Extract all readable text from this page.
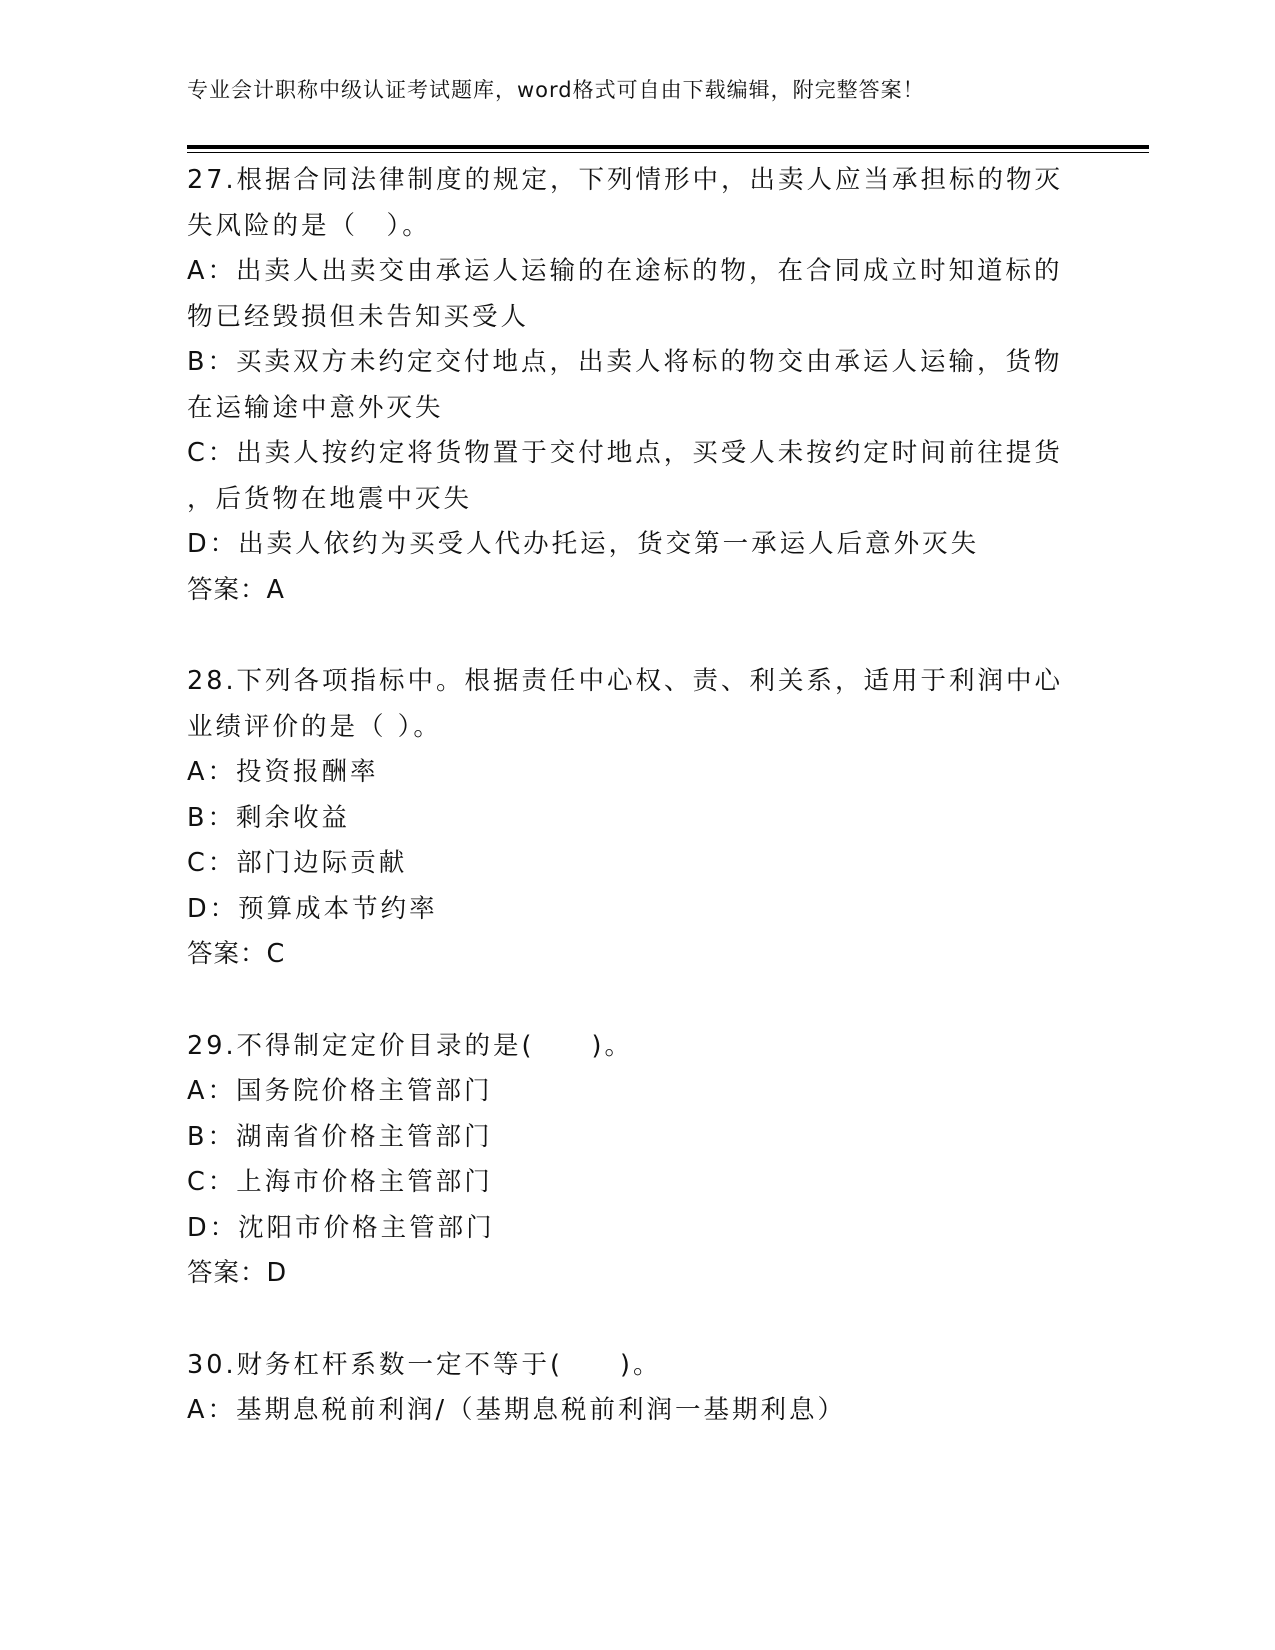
专业会计职称中级认证考试题库，word格式可自由下载编辑，附完整答案！
27.根据合同法律制度的规定，下列情形中，出卖人应当承担标的物灭
失风险的是（　）。
A：出卖人出卖交由承运人运输的在途标的物，在合同成立时知道标的
物已经毁损但未告知买受人
B：买卖双方未约定交付地点，出卖人将标的物交由承运人运输，货物
在运输途中意外灭失
C：出卖人按约定将货物置于交付地点，买受人未按约定时间前往提货
，后货物在地震中灭失
D：出卖人依约为买受人代办托运，货交第一承运人后意外灭失
答案：A
28.下列各项指标中。根据责任中心权、责、利关系，适用于利润中心
业绩评价的是（ ）。
A：投资报酬率
B：剩余收益
C：部门边际贡献
D：预算成本节约率
答案：C
29.不得制定定价目录的是(　　)。
A：国务院价格主管部门
B：湖南省价格主管部门
C：上海市价格主管部门
D：沈阳市价格主管部门
答案：D
30.财务杠杆系数一定不等于(　　)。
A：基期息税前利润/（基期息税前利润一基期利息）
